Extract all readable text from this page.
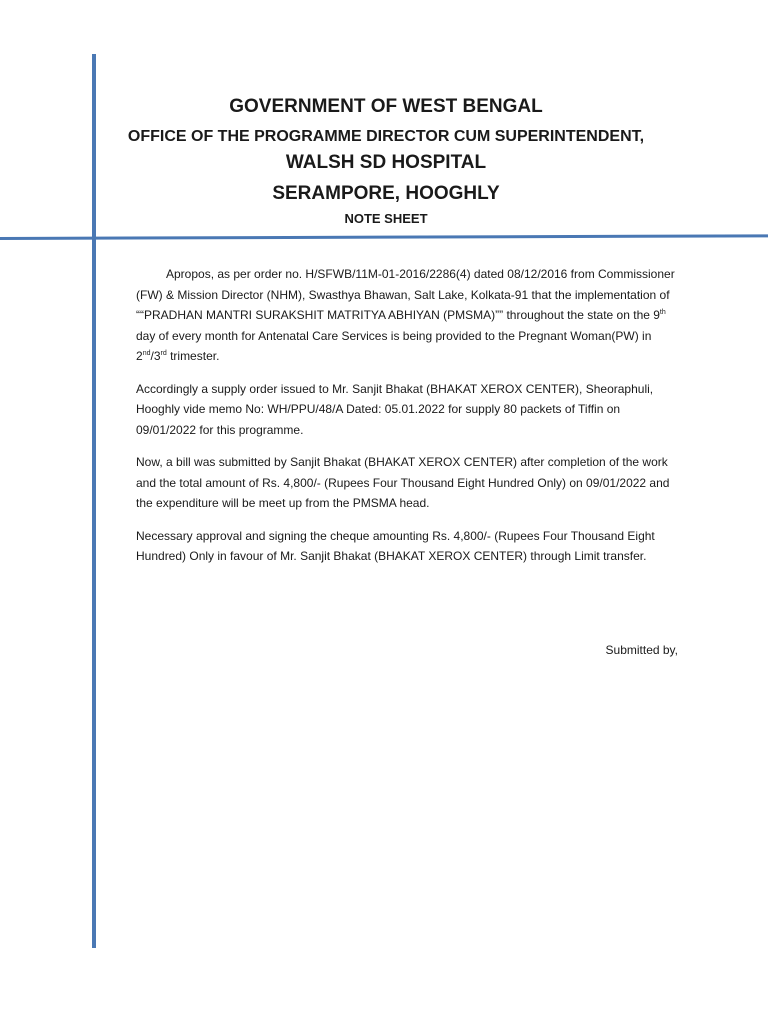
GOVERNMENT OF WEST BENGAL
OFFICE OF THE PROGRAMME DIRECTOR CUM SUPERINTENDENT,
WALSH SD HOSPITAL
SERAMPORE, HOOGHLY
NOTE SHEET

Apropos, as per order no. H/SFWB/11M-01-2016/2286(4) dated 08/12/2016 from Commissioner (FW) & Mission Director (NHM), Swasthya Bhawan, Salt Lake, Kolkata-91 that the implementation of ““PRADHAN MANTRI SURAKSHIT MATRITYA ABHIYAN (PMSMA)”” throughout the state on the 9th day of every month for Antenatal Care Services is being provided to the Pregnant Woman(PW) in 2nd/3rd trimester.

Accordingly a supply order issued to Mr. Sanjit Bhakat (BHAKAT XEROX CENTER), Sheoraphuli, Hooghly vide memo No: WH/PPU/48/A Dated: 05.01.2022 for supply 80 packets of Tiffin on 09/01/2022 for this programme.

Now, a bill was submitted by Sanjit Bhakat (BHAKAT XEROX CENTER) after completion of the work and the total amount of Rs. 4,800/- (Rupees Four Thousand Eight Hundred Only) on 09/01/2022 and the expenditure will be meet up from the PMSMA head.

Necessary approval and signing the cheque amounting Rs. 4,800/- (Rupees Four Thousand Eight Hundred) Only in favour of Mr. Sanjit Bhakat (BHAKAT XEROX CENTER) through Limit transfer.

Submitted by,
